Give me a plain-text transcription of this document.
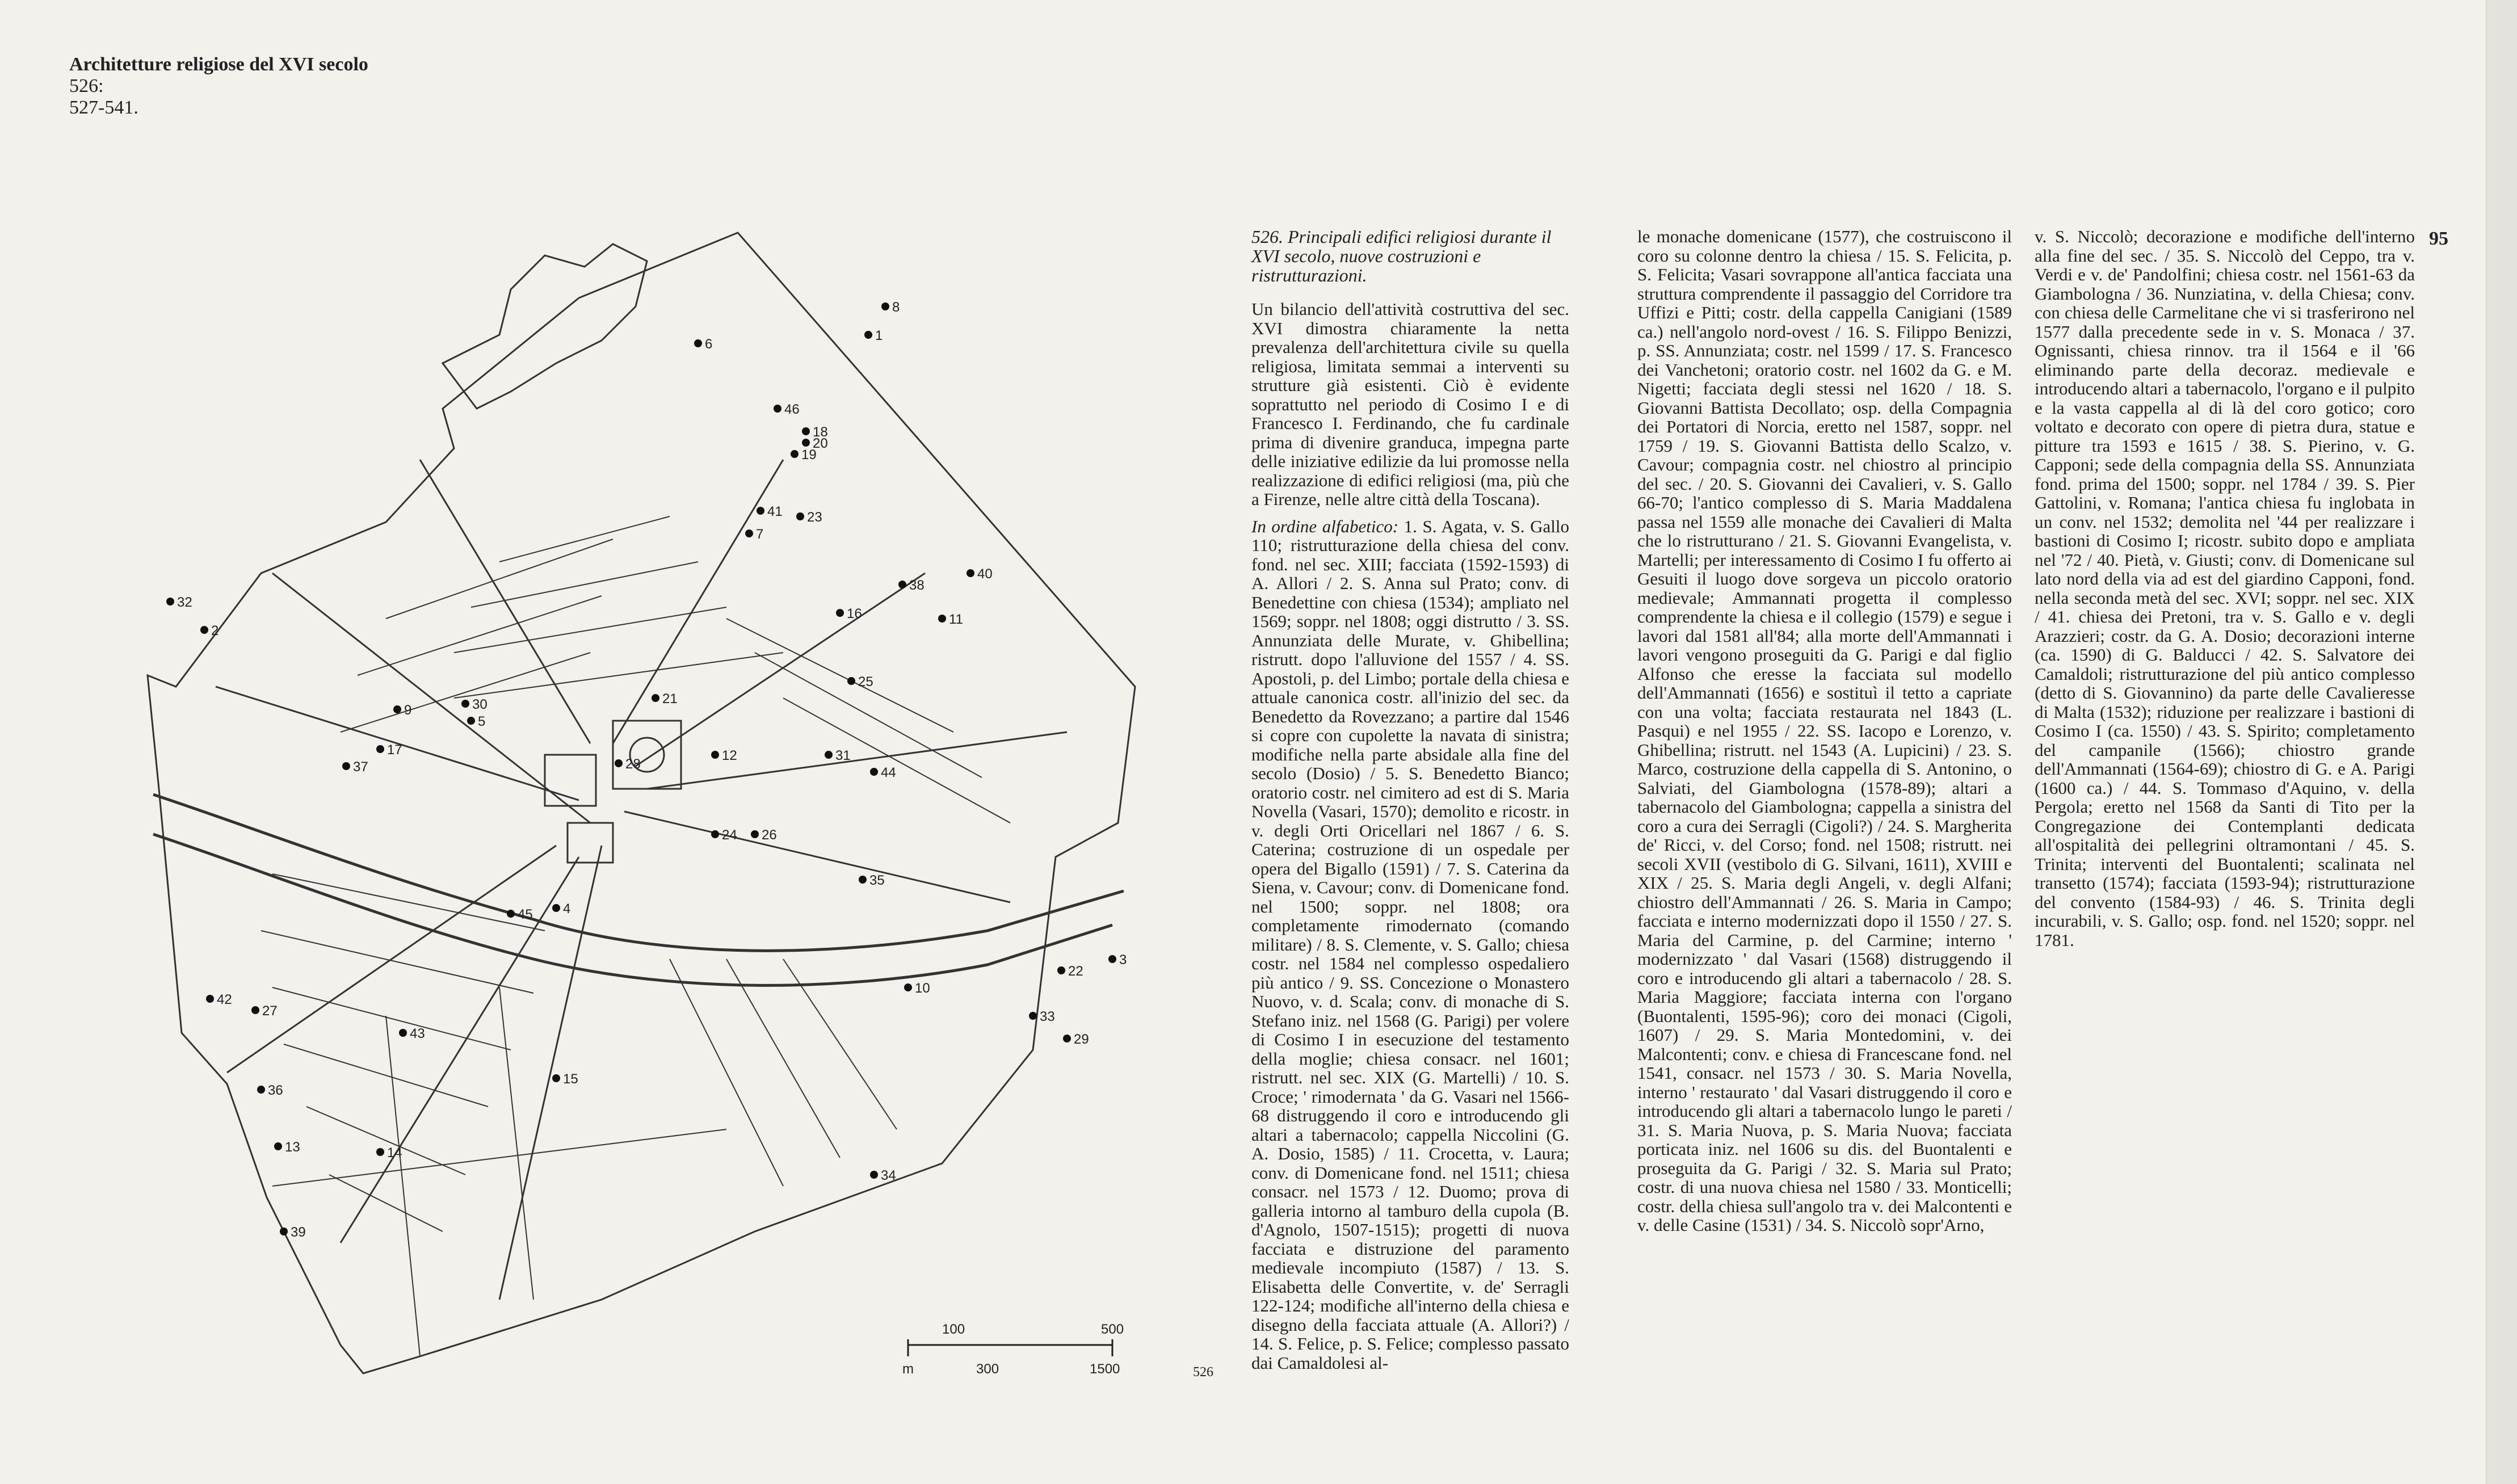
Architetture religiose del XVI secolo
526:
527-541.
1
2
3
4
5
6
7
8
9
10
11
12
13	14
15
16
17
18
19
20
21
22
23
24
25
26
27
28
29
30
31
32
33
34
35
36
37
38
39
40
41
42
43
44
45
46
100	500
m	300	1500	526
526. Principali edifici religiosi durante il XVI secolo, nuove costruzioni e ristrutturazioni.

Un bilancio dell'attività costruttiva del sec. XVI dimostra chiaramente la netta prevalenza dell'architettura civile su quella religiosa, limitata semmai a interventi su strutture già esistenti. Ciò è evidente soprattutto nel periodo di Cosimo I e di Francesco I. Ferdinando, che fu cardinale prima di divenire granduca, impegna parte delle iniziative edilizie da lui promosse nella realizzazione di edifici religiosi (ma, più che a Firenze, nelle altre città della Toscana).

In ordine alfabetico: 1. S. Agata, v. S. Gallo 110; ristrutturazione della chiesa del conv. fond. nel sec. XIII; facciata (1592-1593) di A. Allori / 2. S. Anna sul Prato; conv. di Benedettine con chiesa (1534); ampliato nel 1569; soppr. nel 1808; oggi distrutto / 3. SS. Annunziata delle Murate, v. Ghibellina; ristrutt. dopo l'alluvione del 1557 / 4. SS. Apostoli, p. del Limbo; portale della chiesa e attuale canonica costr. all'inizio del sec. da Benedetto da Rovezzano; a partire dal 1546 si copre con cupolette la navata di sinistra; modifiche nella parte absidale alla fine del secolo (Dosio) / 5. S. Benedetto Bianco; oratorio costr. nel cimitero ad est di S. Maria Novella (Vasari, 1570); demolito e ricostr. in v. degli Orti Oricellari nel 1867 / 6. S. Caterina; costruzione di un ospedale per opera del Bigallo (1591) / 7. S. Caterina da Siena, v. Cavour; conv. di Domenicane fond. nel 1500; soppr. nel 1808; ora completamente rimodernato (comando militare) / 8. S. Clemente, v. S. Gallo; chiesa costr. nel 1584 nel complesso ospedaliero più antico / 9. SS. Concezione o Monastero Nuovo, v. d. Scala; conv. di monache di S. Stefano iniz. nel 1568 (G. Parigi) per volere di Cosimo I in esecuzione del testamento della moglie; chiesa consacr. nel 1601; ristrutt. nel sec. XIX (G. Martelli) / 10. S. Croce; ' rimodernata ' da G. Vasari nel 1566-68 distruggendo il coro e introducendo gli altari a tabernacolo; cappella Niccolini (G. A. Dosio, 1585) / 11. Crocetta, v. Laura; conv. di Domenicane fond. nel 1511; chiesa consacr. nel 1573 / 12. Duomo; prova di galleria intorno al tamburo della cupola (B. d'Agnolo, 1507-1515); progetti di nuova facciata e distruzione del paramento medievale incompiuto (1587) / 13. S. Elisabetta delle Convertite, v. de' Serragli 122-124; modifiche all'interno della chiesa e disegno della facciata attuale (A. Allori?) / 14. S. Felice, p. S. Felice; complesso passato dai Camaldolesi al-
le monache domenicane (1577), che costruiscono il coro su colonne dentro la chiesa / 15. S. Felicita, p. S. Felicita; Vasari sovrappone all'antica facciata una struttura comprendente il passaggio del Corridore tra Uffizi e Pitti; costr. della cappella Canigiani (1589 ca.) nell'angolo nord-ovest / 16. S. Filippo Benizzi, p. SS. Annunziata; costr. nel 1599 / 17. S. Francesco dei Vanchetoni; oratorio costr. nel 1602 da G. e M. Nigetti; facciata degli stessi nel 1620 / 18. S. Giovanni Battista Decollato; osp. della Compagnia dei Portatori di Norcia, eretto nel 1587, soppr. nel 1759 / 19. S. Giovanni Battista dello Scalzo, v. Cavour; compagnia costr. nel chiostro al principio del sec. / 20. S. Giovanni dei Cavalieri, v. S. Gallo 66-70; l'antico complesso di S. Maria Maddalena passa nel 1559 alle monache dei Cavalieri di Malta che lo ristrutturano / 21. S. Giovanni Evangelista, v. Martelli; per interessamento di Cosimo I fu offerto ai Gesuiti il luogo dove sorgeva un piccolo oratorio medievale; Ammannati progetta il complesso comprendente la chiesa e il collegio (1579) e segue i lavori dal 1581 all'84; alla morte dell'Ammannati i lavori vengono proseguiti da G. Parigi e dal figlio Alfonso che eresse la facciata sul modello dell'Ammannati (1656) e sostituì il tetto a capriate con una volta; facciata restaurata nel 1843 (L. Pasqui) e nel 1955 / 22. SS. Iacopo e Lorenzo, v. Ghibellina; ristrutt. nel 1543 (A. Lupicini) / 23. S. Marco, costruzione della cappella di S. Antonino, o Salviati, del Giambologna (1578-89); altari a tabernacolo del Giambologna; cappella a sinistra del coro a cura dei Serragli (Cigoli?) / 24. S. Margherita de' Ricci, v. del Corso; fond. nel 1508; ristrutt. nei secoli XVII (vestibolo di G. Silvani, 1611), XVIII e XIX / 25. S. Maria degli Angeli, v. degli Alfani; chiostro dell'Ammannati / 26. S. Maria in Campo; facciata e interno modernizzati dopo il 1550 / 27. S. Maria del Carmine, p. del Carmine; interno ' modernizzato ' dal Vasari (1568) distruggendo il coro e introducendo gli altari a tabernacolo / 28. S. Maria Maggiore; facciata interna con l'organo (Buontalenti, 1595-96); coro dei monaci (Cigoli, 1607) / 29. S. Maria Montedomini, v. dei Malcontenti; conv. e chiesa di Francescane fond. nel 1541, consacr. nel 1573 / 30. S. Maria Novella, interno ' restaurato ' dal Vasari distruggendo il coro e introducendo gli altari a tabernacolo lungo le pareti / 31. S. Maria Nuova, p. S. Maria Nuova; facciata porticata iniz. nel 1606 su dis. del Buontalenti e proseguita da G. Parigi / 32. S. Maria sul Prato; costr. di una nuova chiesa nel 1580 / 33. Monticelli; costr. della chiesa sull'angolo tra v. dei Malcontenti e v. delle Casine (1531) / 34. S. Niccolò sopr'Arno,
v. S. Niccolò; decorazione e modifiche dell'interno alla fine del sec. / 35. S. Niccolò del Ceppo, tra v. Verdi e v. de' Pandolfini; chiesa costr. nel 1561-63 da Giambologna / 36. Nunziatina, v. della Chiesa; conv. con chiesa delle Carmelitane che vi si trasferirono nel 1577 dalla precedente sede in v. S. Monaca / 37. Ognissanti, chiesa rinnov. tra il 1564 e il '66 eliminando parte della decoraz. medievale e introducendo altari a tabernacolo, l'organo e il pulpito e la vasta cappella al di là del coro gotico; coro voltato e decorato con opere di pietra dura, statue e pitture tra 1593 e 1615 / 38. S. Pierino, v. G. Capponi; sede della compagnia della SS. Annunziata fond. prima del 1500; soppr. nel 1784 / 39. S. Pier Gattolini, v. Romana; l'antica chiesa fu inglobata in un conv. nel 1532; demolita nel '44 per realizzare i bastioni di Cosimo I; ricostr. subito dopo e ampliata nel '72 / 40. Pietà, v. Giusti; conv. di Domenicane sul lato nord della via ad est del giardino Capponi, fond. nella seconda metà del sec. XVI; soppr. nel sec. XIX / 41. chiesa dei Pretoni, tra v. S. Gallo e v. degli Arazzieri; costr. da G. A. Dosio; decorazioni interne (ca. 1590) di G. Balducci / 42. S. Salvatore dei Camaldoli; ristrutturazione del più antico complesso (detto di S. Giovannino) da parte delle Cavalieresse di Malta (1532); riduzione per realizzare i bastioni di Cosimo I (ca. 1550) / 43. S. Spirito; completamento del campanile (1566); chiostro grande dell'Ammannati (1564-69); chiostro di G. e A. Parigi (1600 ca.) / 44. S. Tommaso d'Aquino, v. della Pergola; eretto nel 1568 da Santi di Tito per la Congregazione dei Contemplanti dedicata all'ospitalità dei pellegrini oltramontani / 45. S. Trinita; interventi del Buontalenti; scalinata nel transetto (1574); facciata (1593-94); ristrutturazione del convento (1584-93) / 46. S. Trinita degli incurabili, v. S. Gallo; osp. fond. nel 1520; soppr. nel 1781.
95
